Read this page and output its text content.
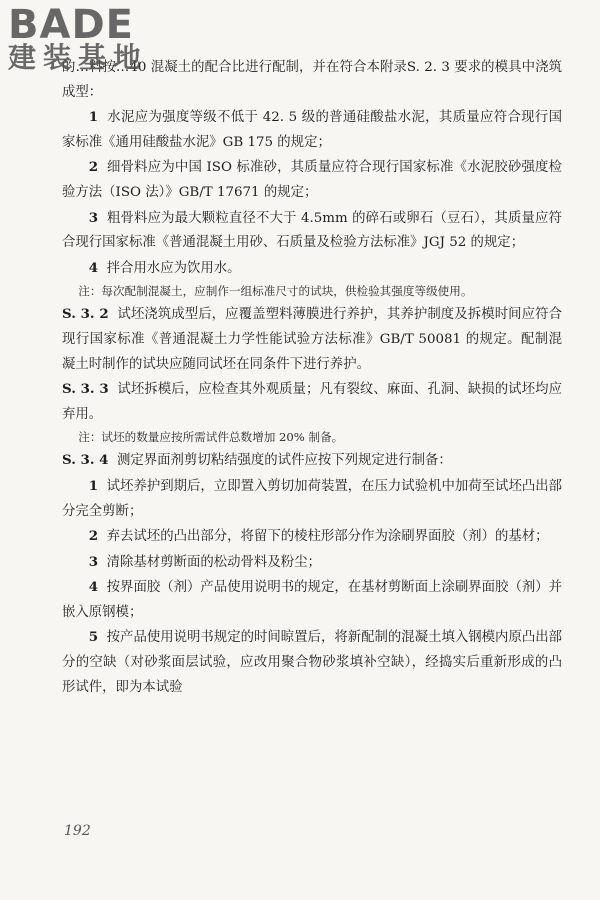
BADE
建装基地

的…料按…40 混凝土的配合比进行配制，并在符合本附录S. 2. 3 要求的模具中浇筑成型：

1 水泥应为强度等级不低于 42. 5 级的普通硅酸盐水泥，其质量应符合现行国家标准《通用硅酸盐水泥》GB 175 的规定；

2 细骨料应为中国 ISO 标准砂，其质量应符合现行国家标准《水泥胶砂强度检验方法（ISO 法）》GB/T 17671 的规定；

3 粗骨料应为最大颗粒直径不大于 4.5mm 的碎石或卵石（豆石），其质量应符合现行国家标准《普通混凝土用砂、石质量及检验方法标准》JGJ 52 的规定；

4 拌合用水应为饮用水。

注：每次配制混凝土，应制作一组标准尺寸的试块，供检验其强度等级使用。

S. 3. 2 试坯浇筑成型后，应覆盖塑料薄膜进行养护，其养护制度及拆模时间应符合现行国家标准《普通混凝土力学性能试验方法标准》GB/T 50081 的规定。配制混凝土时制作的试块应随同试坯在同条件下进行养护。

S. 3. 3 试坯拆模后，应检查其外观质量；凡有裂纹、麻面、孔洞、缺损的试坯均应弃用。

注：试坯的数量应按所需试件总数增加 20% 制备。

S. 3. 4 测定界面剂剪切粘结强度的试件应按下列规定进行制备：

1 试坯养护到期后，立即置入剪切加荷装置，在压力试验机中加荷至试坯凸出部分完全剪断；

2 弃去试坯的凸出部分，将留下的棱柱形部分作为涂刷界面胶（剂）的基材；

3 清除基材剪断面的松动骨料及粉尘；

4 按界面胶（剂）产品使用说明书的规定，在基材剪断面上涂刷界面胶（剂）并嵌入原钢模；

5 按产品使用说明书规定的时间晾置后，将新配制的混凝土填入钢模内原凸出部分的空缺（对砂浆面层试验，应改用聚合物砂浆填补空缺），经捣实后重新形成的凸形试件，即为本试验

192
